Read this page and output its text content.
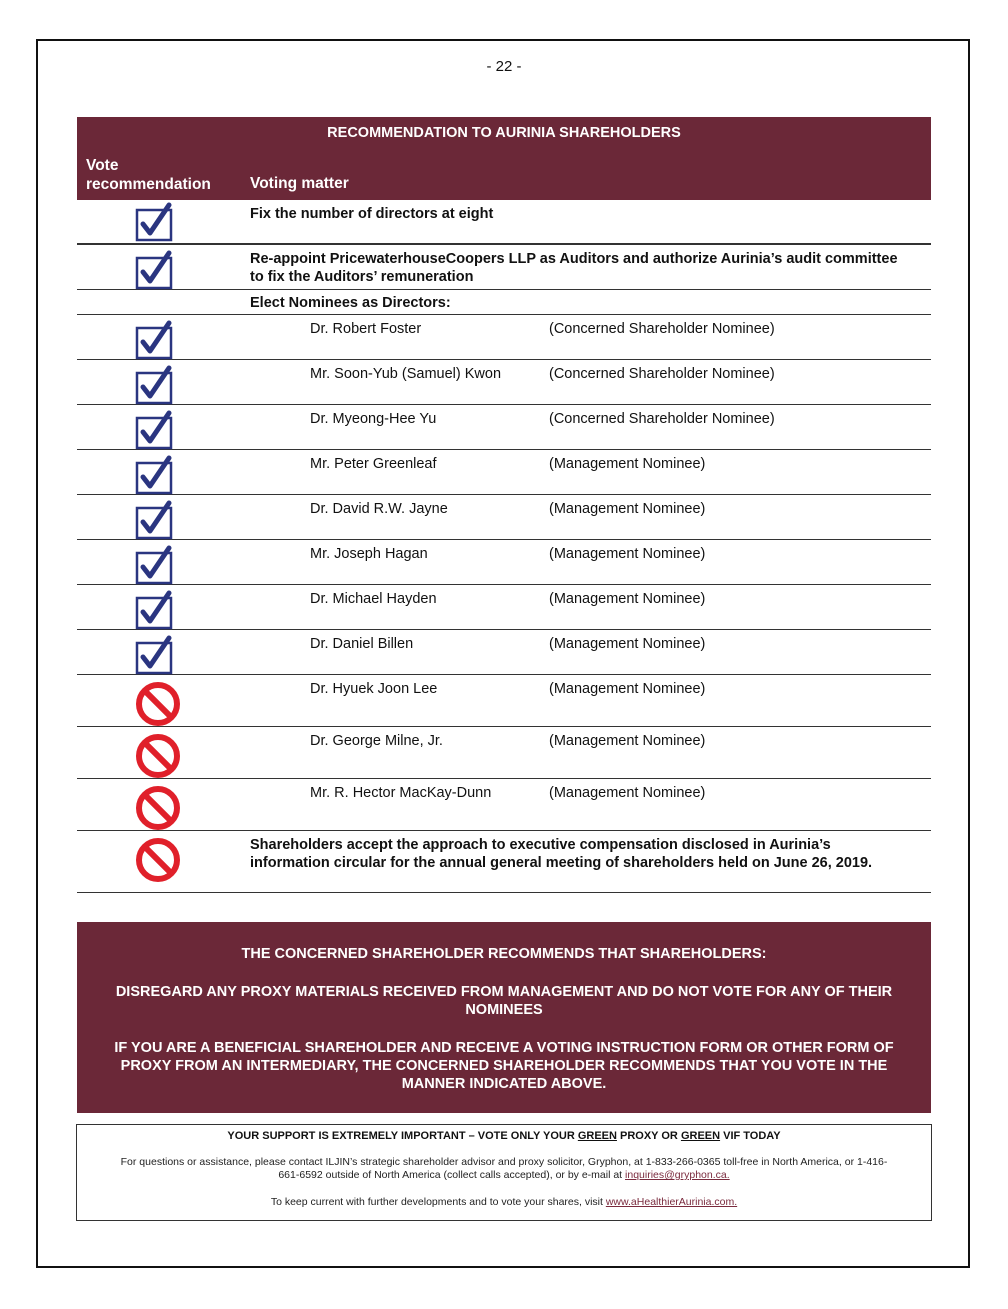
- 22 -
RECOMMENDATION TO AURINIA SHAREHOLDERS
Vote recommendation	Voting matter
Fix the number of directors at eight
Re-appoint PricewaterhouseCoopers LLP as Auditors and authorize Aurinia’s audit committee to fix the Auditors’ remuneration
Elect Nominees as Directors:
Dr. Robert Foster	(Concerned Shareholder Nominee)
Mr. Soon-Yub (Samuel) Kwon	(Concerned Shareholder Nominee)
Dr. Myeong-Hee Yu	(Concerned Shareholder Nominee)
Mr. Peter Greenleaf	(Management Nominee)
Dr. David R.W. Jayne	(Management Nominee)
Mr. Joseph Hagan	(Management Nominee)
Dr. Michael Hayden	(Management Nominee)
Dr. Daniel Billen	(Management Nominee)
Dr. Hyuek Joon Lee	(Management Nominee)
Dr. George Milne, Jr.	(Management Nominee)
Mr. R. Hector MacKay-Dunn	(Management Nominee)
Shareholders accept the approach to executive compensation disclosed in Aurinia’s information circular for the annual general meeting of shareholders held on June 26, 2019.

THE CONCERNED SHAREHOLDER RECOMMENDS THAT SHAREHOLDERS:

DISREGARD ANY PROXY MATERIALS RECEIVED FROM MANAGEMENT AND DO NOT VOTE FOR ANY OF THEIR NOMINEES

IF YOU ARE A BENEFICIAL SHAREHOLDER AND RECEIVE A VOTING INSTRUCTION FORM OR OTHER FORM OF PROXY FROM AN INTERMEDIARY, THE CONCERNED SHAREHOLDER RECOMMENDS THAT YOU VOTE IN THE MANNER INDICATED ABOVE.

YOUR SUPPORT IS EXTREMELY IMPORTANT – VOTE ONLY YOUR GREEN PROXY OR GREEN VIF TODAY
For questions or assistance, please contact ILJIN’s strategic shareholder advisor and proxy solicitor, Gryphon, at 1-833-266-0365 toll-free in North America, or 1-416-661-6592 outside of North America (collect calls accepted), or by e-mail at inquiries@gryphon.ca.
To keep current with further developments and to vote your shares, visit www.aHealthierAurinia.com.
